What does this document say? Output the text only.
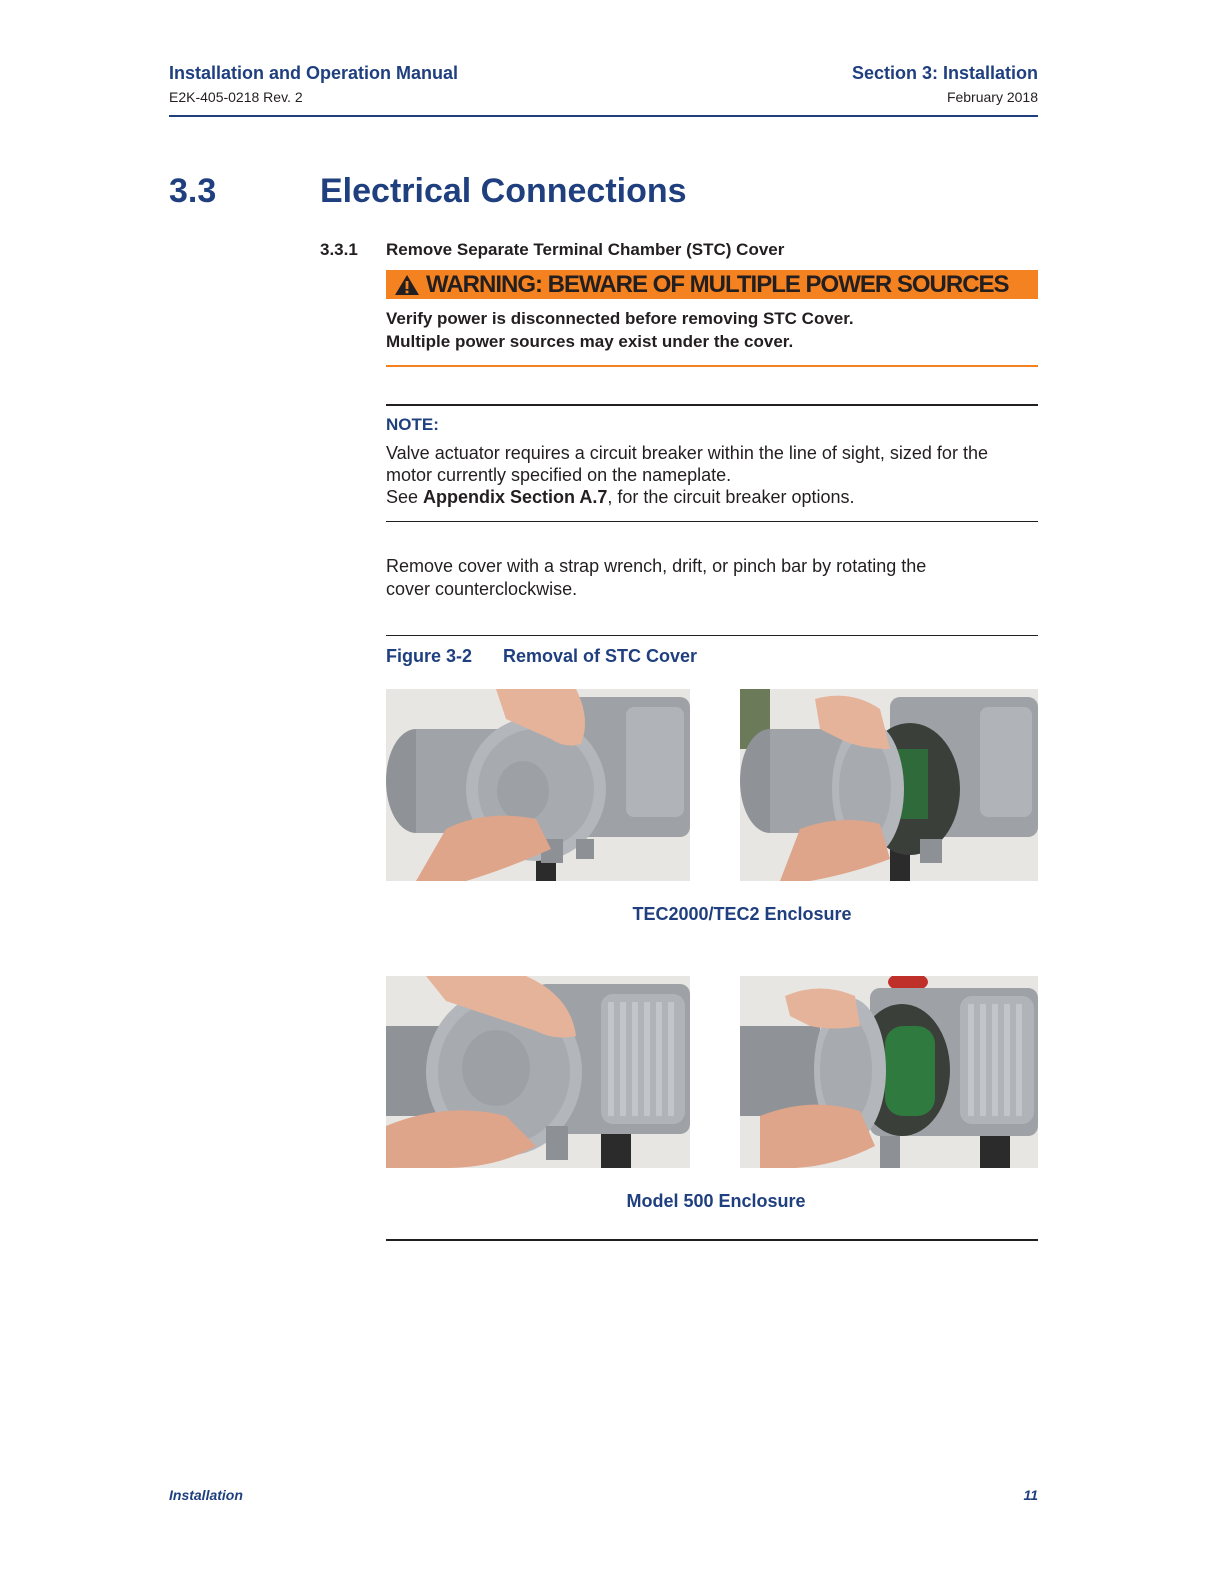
Installation and Operation Manual
E2K-405-0218 Rev. 2
Section 3: Installation
February 2018
3.3	Electrical Connections
3.3.1 Remove Separate Terminal Chamber (STC) Cover
WARNING: BEWARE OF MULTIPLE POWER SOURCES
Verify power is disconnected before removing STC Cover.
Multiple power sources may exist under the cover.
NOTE:
Valve actuator requires a circuit breaker within the line of sight, sized for the
motor currently specified on the nameplate.
See Appendix Section A.7, for the circuit breaker options.
Remove cover with a strap wrench, drift, or pinch bar by rotating the
cover counterclockwise.
Figure 3-2 Removal of STC Cover
TEC2000/TEC2 Enclosure
Model 500 Enclosure
Installation	11
